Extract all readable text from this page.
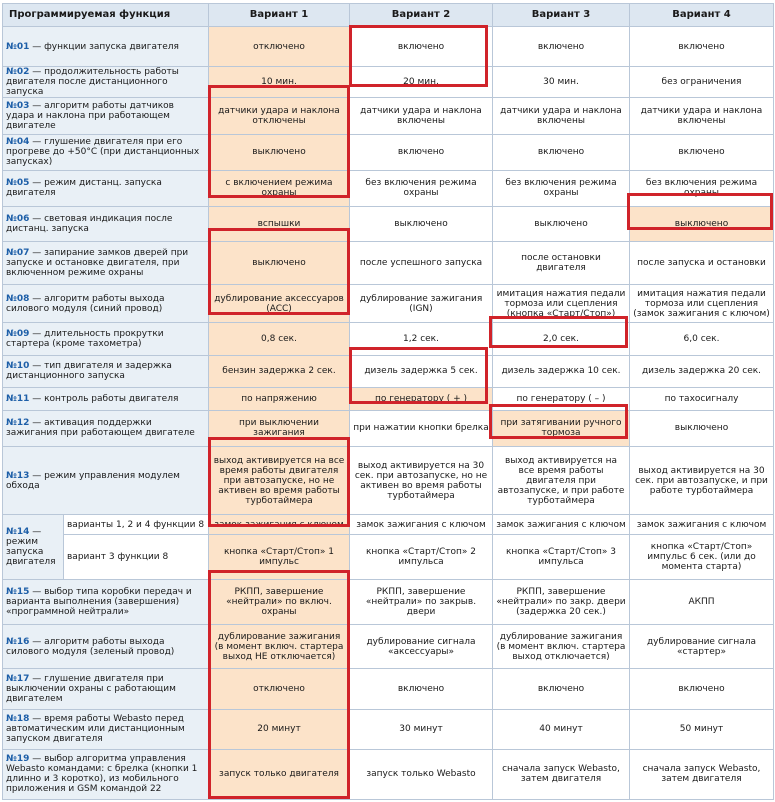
Программируемая функция		Вариант 1	Вариант 2	Вариант 3	Вариант 4
№01 — функции запуска двигателя		отключено	включено	включено	включено
№02 — продолжительность работы двигателя после дистанционного запуска		10 мин.	20 мин.	30 мин.	без ограничения
№03 — алгоритм работы датчиков удара и наклона при работающем двигателе		датчики удара и наклона отключены	датчики удара и наклона включены	датчики удара и наклона включены	датчики удара и наклона включены
№04 — глушение двигателя при его прогреве до +50°С (при дистанционных запусках)		выключено	включено	включено	включено
№05 — режим дистанц. запуска двигателя		с включением режима охраны	без включения режима охраны	без включения режима охраны	без включения режима охраны
№06 — световая индикация после дистанц. запуска		вспышки	выключено	выключено	выключено
№07 — запирание замков дверей при запуске и остановке двигателя, при включенном режиме охраны		выключено	после успешного запуска	после остановки двигателя	после запуска и остановки
№08 — алгоритм работы выхода силового модуля (синий провод)		дублирование аксессуаров (ACC)	дублирование зажигания (IGN)	имитация нажатия педали тормоза или сцепления (кнопка «Старт/Стоп»)	имитация нажатия педали тормоза или сцепления (замок зажигания с ключом)
№09 — длительность прокрутки стартера (кроме тахометра)		0,8 сек.	1,2 сек.	2,0 сек.	6,0 сек.
№10 — тип двигателя и задержка дистанционного запуска		бензин задержка 2 сек.	дизель задержка 5 сек.	дизель задержка 10 сек.	дизель задержка 20 сек.
№11 — контроль работы двигателя		по напряжению	по генератору ( + )	по генератору ( – )	по тахосигналу
№12 — активация поддержки зажигания при работающем двигателе		при выключении зажигания	при нажатии кнопки брелка	при затягивании ручного тормоза	выключено
№13 — режим управления модулем обхода		выход активируется на все время работы двигателя при автозапуске, но не активен во время работы турботаймера	выход активируется на 30 сек. при автозапуске, но не активен во время работы турботаймера	выход активируется на все время работы двигателя при автозапуске, и при работе турботаймера	выход активируется на 30 сек. при автозапуске, и при работе турботаймера
№14 — режим запуска двигателя	варианты 1, 2 и 4 функции 8	замок зажигания с ключом	замок зажигания с ключом	замок зажигания с ключом	замок зажигания с ключом
	вариант 3 функции 8	кнопка «Старт/Стоп» 1 импульс	кнопка «Старт/Стоп» 2 импульса	кнопка «Старт/Стоп» 3 импульса	кнопка «Старт/Стоп» импульс 6 сек. (или до момента старта)
№15 — выбор типа коробки передач и варианта выполнения (завершения) «программной нейтрали»		РКПП, завершение «нейтрали» по включ. охраны	РКПП, завершение «нейтрали» по закрыв. двери	РКПП, завершение «нейтрали» по закр. двери (задержка 20 сек.)	АКПП
№16 — алгоритм работы выхода силового модуля (зеленый провод)		дублирование зажигания (в момент включ. стартера выход НЕ отключается)	дублирование сигнала «аксессуары»	дублирование зажигания (в момент включ. стартера выход отключается)	дублирование сигнала «стартер»
№17 — глушение двигателя при выключении охраны с работающим двигателем		отключено	включено	включено	включено
№18 — время работы Webasto перед автоматическим или дистанционным запуском двигателя		20 минут	30 минут	40 минут	50 минут
№19 — выбор алгоритма управления Webasto командами: с брелка (кнопки 1 длинно и 3 коротко), из мобильного приложения и GSM командой 22		запуск только двигателя	запуск только Webasto	сначала запуск Webasto, затем двигателя	сначала запуск Webasto, затем двигателя
